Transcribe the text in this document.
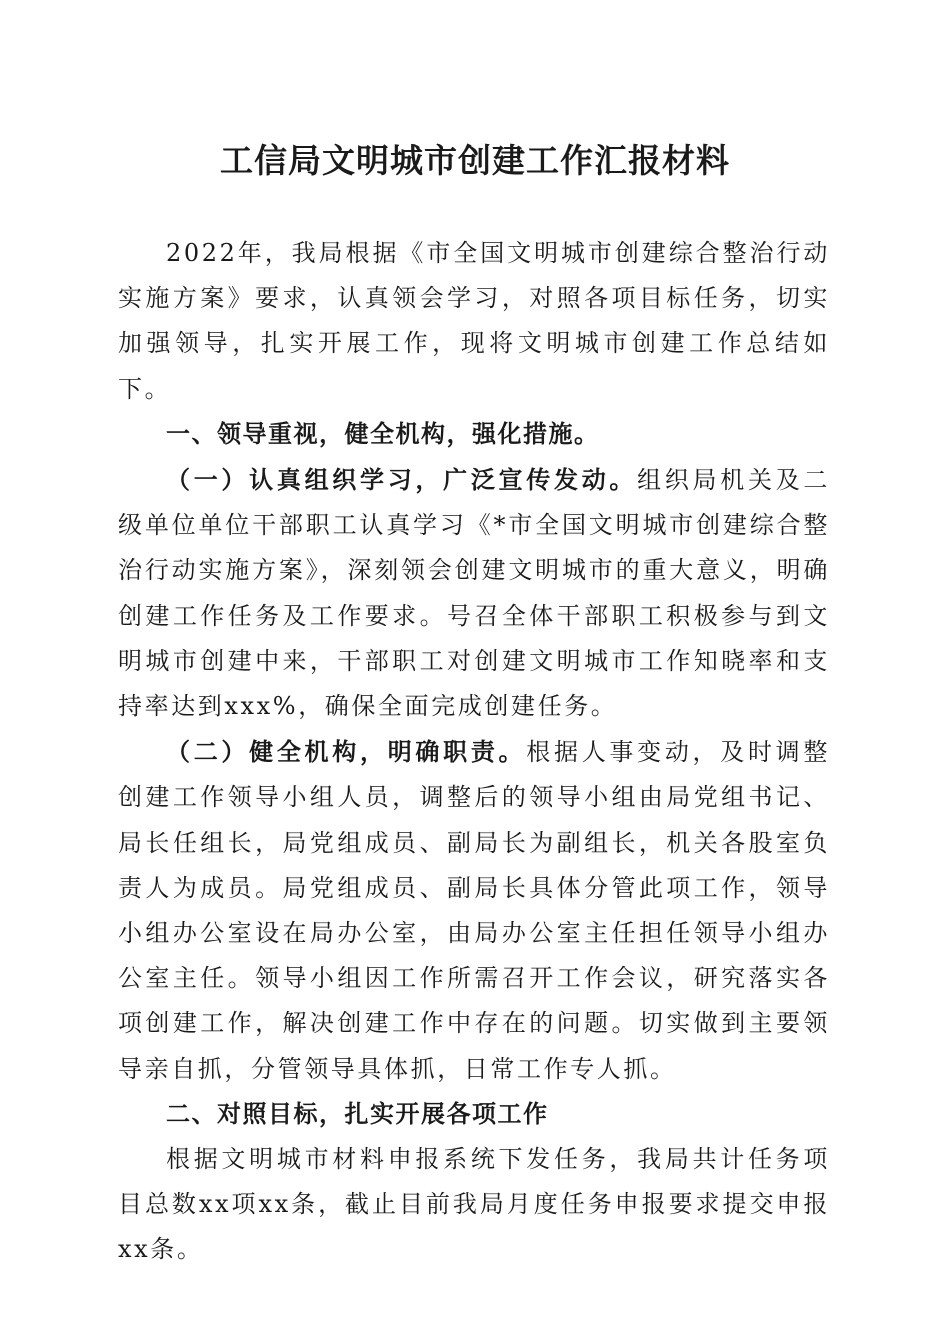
工信局文明城市创建工作汇报材料

2022年，我局根据《市全国文明城市创建综合整治行动实施方案》要求，认真领会学习，对照各项目标任务，切实加强领导，扎实开展工作，现将文明城市创建工作总结如下。

一、领导重视，健全机构，强化措施。

（一）认真组织学习，广泛宣传发动。组织局机关及二级单位单位干部职工认真学习《*市全国文明城市创建综合整治行动实施方案》，深刻领会创建文明城市的重大意义，明确创建工作任务及工作要求。号召全体干部职工积极参与到文明城市创建中来，干部职工对创建文明城市工作知晓率和支持率达到xxx%，确保全面完成创建任务。

（二）健全机构，明确职责。根据人事变动，及时调整创建工作领导小组人员，调整后的领导小组由局党组书记、局长任组长，局党组成员、副局长为副组长，机关各股室负责人为成员。局党组成员、副局长具体分管此项工作，领导小组办公室设在局办公室，由局办公室主任担任领导小组办公室主任。领导小组因工作所需召开工作会议，研究落实各项创建工作，解决创建工作中存在的问题。切实做到主要领导亲自抓，分管领导具体抓，日常工作专人抓。

二、对照目标，扎实开展各项工作

根据文明城市材料申报系统下发任务，我局共计任务项目总数xx项xx条，截止目前我局月度任务申报要求提交申报xx条。
